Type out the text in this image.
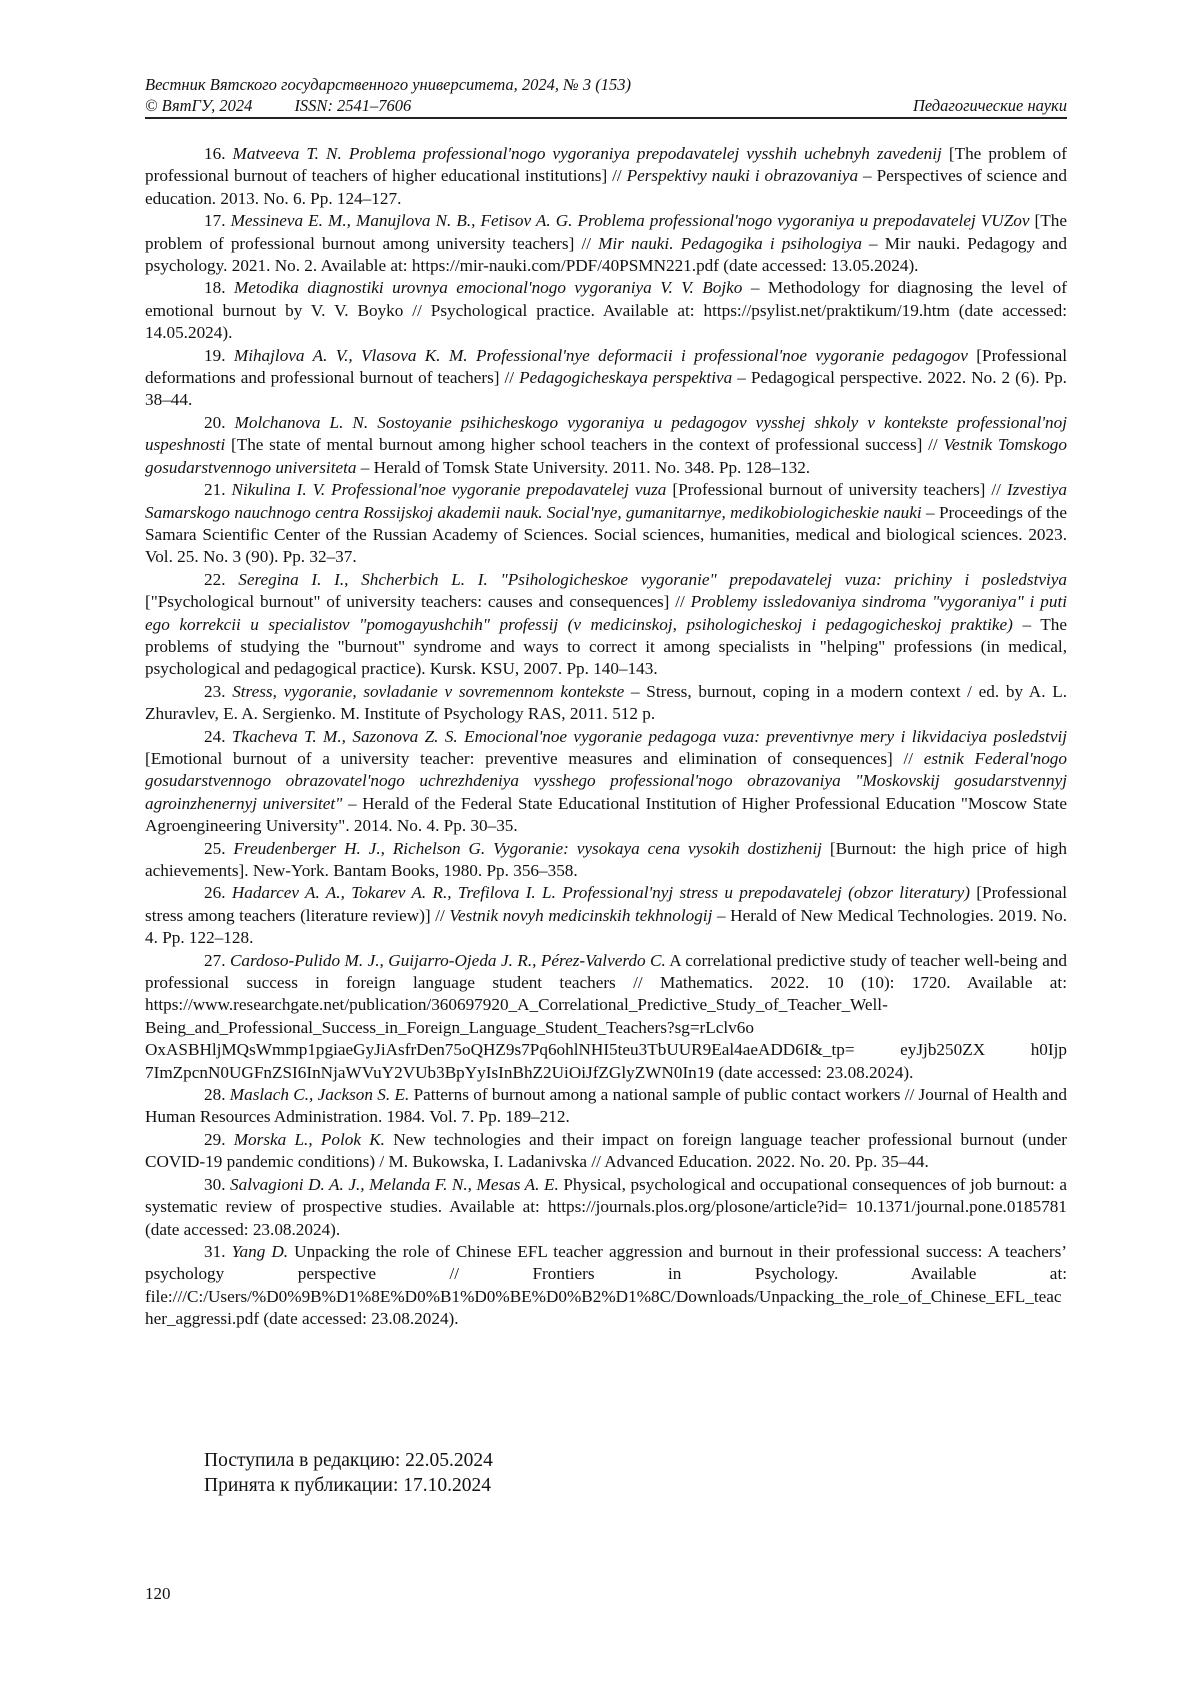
Вестник Вятского государственного университета, 2024, № 3 (153)
© ВятГУ, 2024	ISSN: 2541–7606	Педагогические науки

16. Matveeva T. N. Problema professional'nogo vygoraniya prepodavatelej vysshih uchebnyh zavedenij [The problem of professional burnout of teachers of higher educational institutions] // Perspektivy nauki i obrazovaniya – Perspectives of science and education. 2013. No. 6. Pp. 124–127.

17. Messineva E. M., Manujlova N. B., Fetisov A. G. Problema professional'nogo vygoraniya u prepodavatelej VUZov [The problem of professional burnout among university teachers] // Mir nauki. Pedagogika i psihologiya – Mir nauki. Pedagogy and psychology. 2021. No. 2. Available at: https://mir-nauki.com/PDF/40PSMN221.pdf (date accessed: 13.05.2024).

18. Metodika diagnostiki urovnya emocional'nogo vygoraniya V. V. Bojko – Methodology for diagnosing the level of emotional burnout by V. V. Boyko // Psychological practice. Available at: https://psylist.net/praktikum/19.htm (date accessed: 14.05.2024).

19. Mihajlova A. V., Vlasova K. M. Professional'nye deformacii i professional'noe vygoranie pedagogov [Professional deformations and professional burnout of teachers] // Pedagogicheskaya perspektiva – Pedagogical perspective. 2022. No. 2 (6). Pp. 38–44.

20. Molchanova L. N. Sostoyanie psihicheskogo vygoraniya u pedagogov vysshej shkoly v kontekste professional'noj uspeshnosti [The state of mental burnout among higher school teachers in the context of professional success] // Vestnik Tomskogo gosudarstvennogo universiteta – Herald of Tomsk State University. 2011. No. 348. Pp. 128–132.

21. Nikulina I. V. Professional'noe vygoranie prepodavatelej vuza [Professional burnout of university teachers] // Izvestiya Samarskogo nauchnogo centra Rossijskoj akademii nauk. Social'nye, gumanitarnye, medikobiologicheskie nauki – Proceedings of the Samara Scientific Center of the Russian Academy of Sciences. Social sciences, humanities, medical and biological sciences. 2023. Vol. 25. No. 3 (90). Pp. 32–37.

22. Seregina I. I., Shcherbich L. I. "Psihologicheskoe vygoranie" prepodavatelej vuza: prichiny i posledstviya ["Psychological burnout" of university teachers: causes and consequences] // Problemy issledovaniya sindroma "vygoraniya" i puti ego korrekcii u specialistov "pomogayushchih" professij (v medicinskoj, psihologicheskoj i pedagogicheskoj praktike) – The problems of studying the "burnout" syndrome and ways to correct it among specialists in "helping" professions (in medical, psychological and pedagogical practice). Kursk. KSU, 2007. Pp. 140–143.

23. Stress, vygoranie, sovladanie v sovremennom kontekste – Stress, burnout, coping in a modern context / ed. by A. L. Zhuravlev, E. A. Sergienko. M. Institute of Psychology RAS, 2011. 512 p.

24. Tkacheva T. M., Sazonova Z. S. Emocional'noe vygoranie pedagoga vuza: preventivnye mery i likvidaciya posledstvij [Emotional burnout of a university teacher: preventive measures and elimination of consequences] // estnik Federal'nogo gosudarstvennogo obrazovatel'nogo uchrezhdeniya vysshego professional'nogo obrazovaniya "Moskovskij gosudarstvennyj agroinzhenernyj universitet" – Herald of the Federal State Educational Institution of Higher Professional Education "Moscow State Agroengineering University". 2014. No. 4. Pp. 30–35.

25. Freudenberger H. J., Richelson G. Vygoranie: vysokaya cena vysokih dostizhenij [Burnout: the high price of high achievements]. New-York. Bantam Books, 1980. Pp. 356–358.

26. Hadarcev A. A., Tokarev A. R., Trefilova I. L. Professional'nyj stress u prepodavatelej (obzor literatury) [Professional stress among teachers (literature review)] // Vestnik novyh medicinskih tekhnologij – Herald of New Medical Technologies. 2019. No. 4. Pp. 122–128.

27. Cardoso-Pulido M. J., Guijarro-Ojeda J. R., Pérez-Valverdo C. A correlational predictive study of teacher well-being and professional success in foreign language student teachers // Mathematics. 2022. 10 (10): 1720. Available at: https://www.researchgate.net/publication/360697920_A_Correlational_Predictive_Study_of_Teacher_Well-Being_and_Professional_Success_in_Foreign_Language_Student_Teachers?sg=rLclv6o OxASBHljMQsWmmp1pgiaeGyJiAsfrDen75oQHZ9s7Pq6ohlNHI5teu3TbUUR9Eal4aeADD6I&_tp= eyJjb250ZX h0Ijp 7ImZpcnN0UGFnZSI6InNjaWVuY2VUb3BpYyIsInBhZ2UiOiJfZGlyZWN0In19 (date accessed: 23.08.2024).

28. Maslach C., Jackson S. E. Patterns of burnout among a national sample of public contact workers // Journal of Health and Human Resources Administration. 1984. Vol. 7. Pp. 189–212.

29. Morska L., Polok K. New technologies and their impact on foreign language teacher professional burnout (under COVID-19 pandemic conditions) / M. Bukowska, I. Ladanivska // Advanced Education. 2022. No. 20. Pp. 35–44.

30. Salvagioni D. A. J., Melanda F. N., Mesas A. E. Physical, psychological and occupational consequences of job burnout: a systematic review of prospective studies. Available at: https://journals.plos.org/plosone/article?id= 10.1371/journal.pone.0185781 (date accessed: 23.08.2024).

31. Yang D. Unpacking the role of Chinese EFL teacher aggression and burnout in their professional success: A teachers’ psychology perspective // Frontiers in Psychology. Available at: file:///C:/Users/%D0%9B%D1%8E%D0%B1%D0%BE%D0%B2%D1%8C/Downloads/Unpacking_the_role_of_Chinese_EFL_teacher_aggressi.pdf (date accessed: 23.08.2024).

Поступила в редакцию: 22.05.2024
Принята к публикации: 17.10.2024
120
